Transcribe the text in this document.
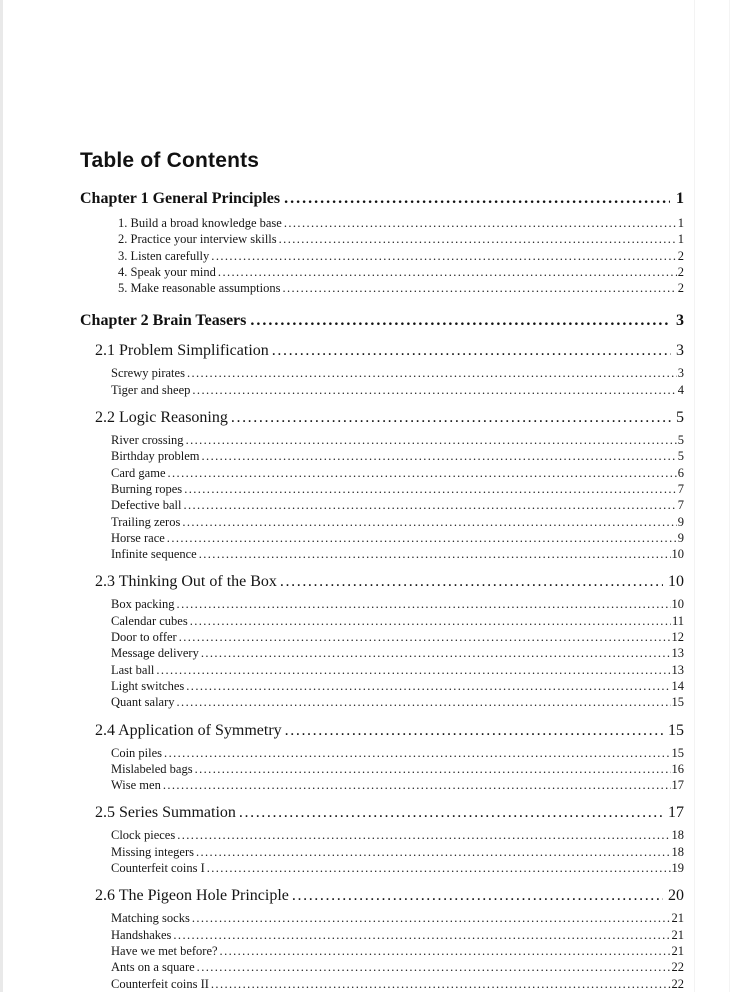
Table of Contents
Chapter 1 General Principles .....	1
1. Build a broad knowledge base .....	1
2. Practice your interview skills .....	1
3. Listen carefully .....	2
4. Speak your mind .....	2
5. Make reasonable assumptions .....	2
Chapter 2 Brain Teasers .....	3
2.1 Problem Simplification .....	3
Screwy pirates .....	3
Tiger and sheep .....	4
2.2 Logic Reasoning .....	5
River crossing .....	5
Birthday problem .....	5
Card game .....	6
Burning ropes .....	7
Defective ball .....	7
Trailing zeros .....	9
Horse race .....	9
Infinite sequence .....	10
2.3 Thinking Out of the Box .....	10
Box packing .....	10
Calendar cubes .....	11
Door to offer .....	12
Message delivery .....	13
Last ball .....	13
Light switches .....	14
Quant salary .....	15
2.4 Application of Symmetry .....	15
Coin piles .....	15
Mislabeled bags .....	16
Wise men .....	17
2.5 Series Summation .....	17
Clock pieces .....	18
Missing integers .....	18
Counterfeit coins I .....	19
2.6 The Pigeon Hole Principle .....	20
Matching socks .....	21
Handshakes .....	21
Have we met before? .....	21
Ants on a square .....	22
Counterfeit coins II .....	22
